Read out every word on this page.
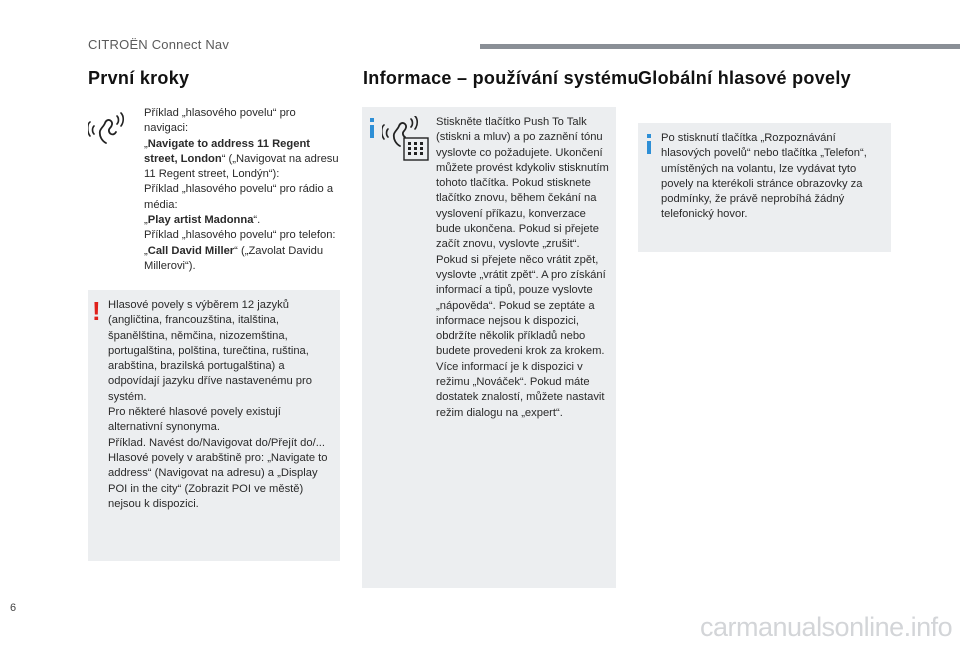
CITROËN Connect Nav
První kroky
Příklad „hlasového povelu“ pro navigaci:
„Navigate to address 11 Regent street, London“ („Navigovat na adresu 11 Regent street, Londýn“):
Příklad „hlasového povelu“ pro rádio a média:
„Play artist Madonna“.
Příklad „hlasového povelu“ pro telefon:
„Call David Miller“ („Zavolat Davidu Millerovi“).
! Hlasové povely s výběrem 12 jazyků (angličtina, francouzština, italština, španělština, němčina, nizozemština, portugalština, polština, turečtina, ruština, arabština, brazilská portugalština) a odpovídají jazyku dříve nastavenému pro systém.
Pro některé hlasové povely existují alternativní synonyma.
Příklad. Navést do/Navigovat do/Přejít do/...
Hlasové povely v arabštině pro: „Navigate to address“ (Navigovat na adresu) a „Display POI in the city“ (Zobrazit POI ve městě) nejsou k dispozici.
Informace – používání systému
Stiskněte tlačítko Push To Talk (stiskni a mluv) a po zaznění tónu vyslovte co požadujete. Ukončení můžete provést kdykoliv stisknutím tohoto tlačítka. Pokud stisknete tlačítko znovu, během čekání na vyslovení příkazu, konverzace bude ukončena. Pokud si přejete začít znovu, vyslovte „zrušit“. Pokud si přejete něco vrátit zpět, vyslovte „vrátit zpět“. A pro získání informací a tipů, pouze vyslovte „nápověda“. Pokud se zeptáte a informace nejsou k dispozici, obdržíte několik příkladů nebo budete provedeni krok za krokem. Více informací je k dispozici v režimu „Nováček“. Pokud máte dostatek znalostí, můžete nastavit režim dialogu na „expert“.
Globální hlasové povely
Po stisknutí tlačítka „Rozpoznávání hlasových povelů“ nebo tlačítka „Telefon“, umístěných na volantu, lze vydávat tyto povely na kterékoli stránce obrazovky za podmínky, že právě neprobíhá žádný telefonický hovor.
6
carmanualsonline.info
